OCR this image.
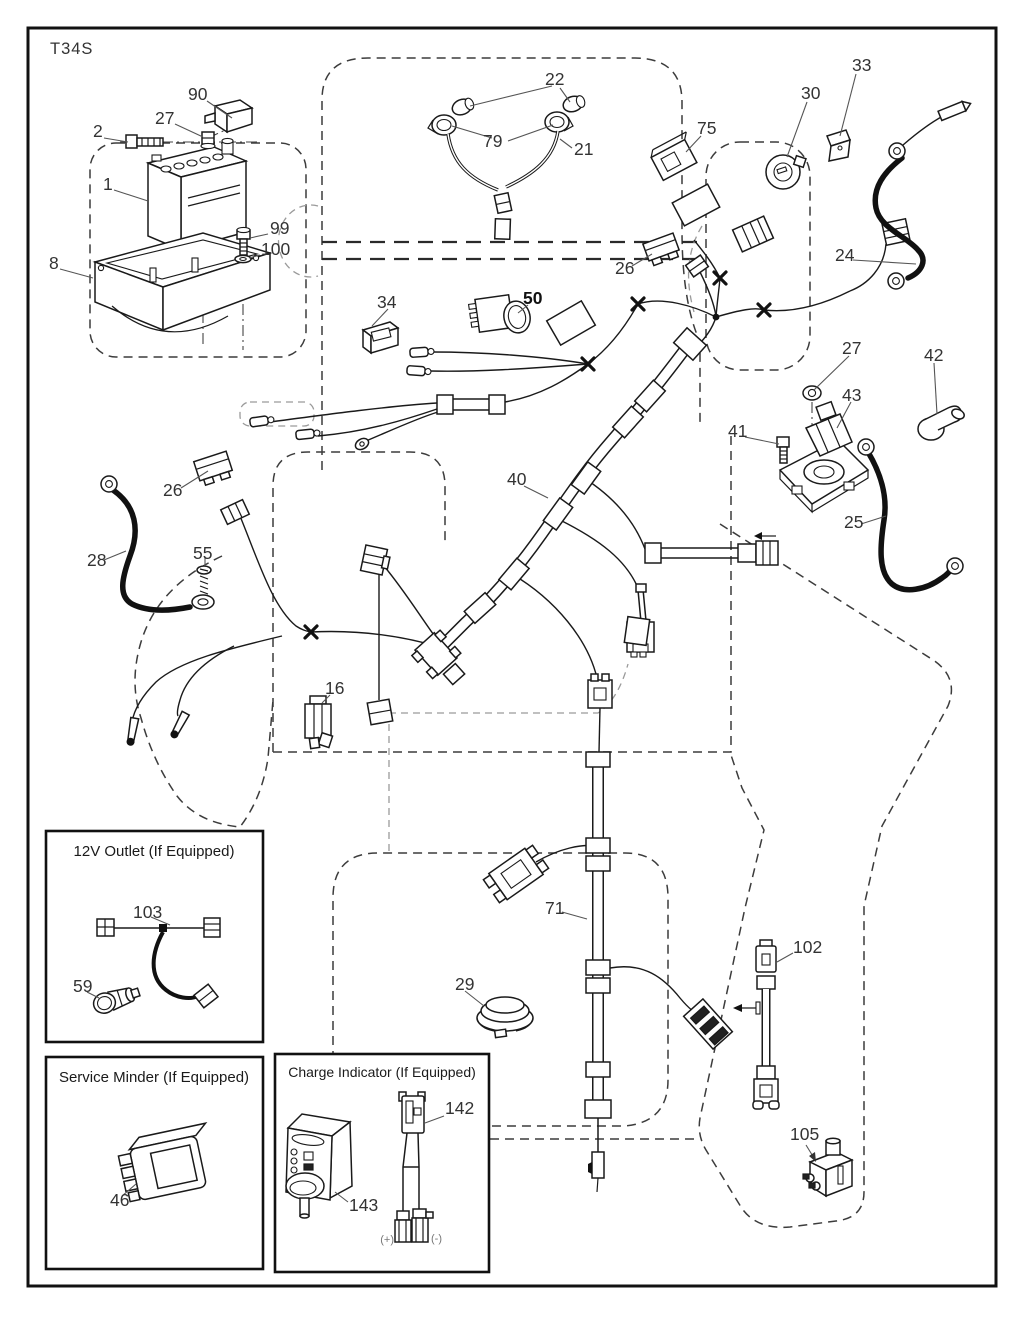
T34S
12V Outlet (If Equipped)
Service Minder (If Equipped)	Charge Indicator (If Equipped)
(+)	(-)
90
2
27
1
99
100
8
22
79	21
75
30
33
26
24
34	50
27	42
43
41
25
26
28	55
40
16
71
29
102
105
103
59
46
142
143
